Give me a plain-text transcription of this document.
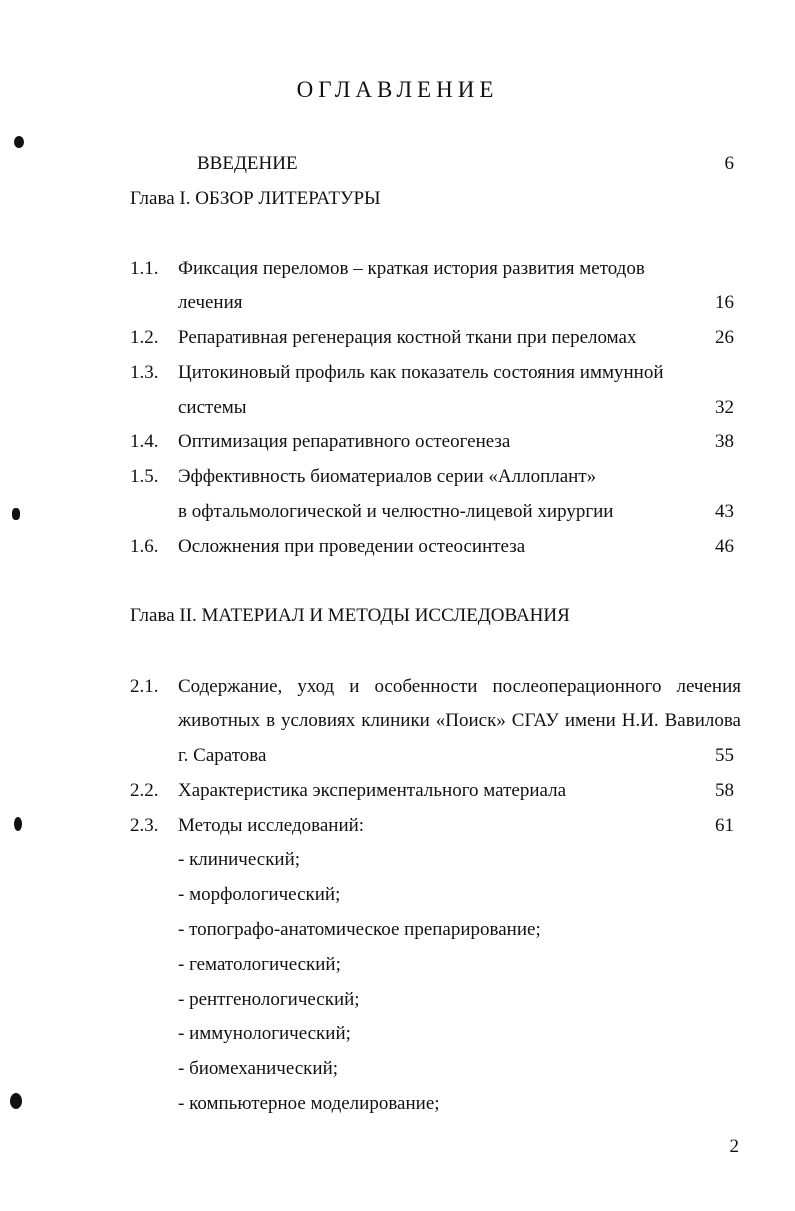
ОГЛАВЛЕНИЕ
ВВЕДЕНИЕ	6
Глава I. ОБЗОР ЛИТЕРАТУРЫ
1.1. Фиксация переломов – краткая история развития методов
лечения	16
1.2. Репаративная регенерация костной ткани при переломах	26
1.3. Цитокиновый профиль как показатель состояния иммунной
системы	32
1.4. Оптимизация репаративного остеогенеза	38
1.5. Эффективность биоматериалов серии «Аллоплант»
в офтальмологической и челюстно-лицевой хирургии	43
1.6. Осложнения при проведении остеосинтеза	46
Глава II. МАТЕРИАЛ И МЕТОДЫ ИССЛЕДОВАНИЯ
2.1. Содержание, уход и особенности послеоперационного лечения
животных в условиях клиники «Поиск» СГАУ имени Н.И. Вавилова
г. Саратова	55
2.2. Характеристика экспериментального материала	58
2.3. Методы исследований:	61
- клинический;
- морфологический;
- топографо-анатомическое препарирование;
- гематологический;
- рентгенологический;
- иммунологический;
- биомеханический;
- компьютерное моделирование;
2
